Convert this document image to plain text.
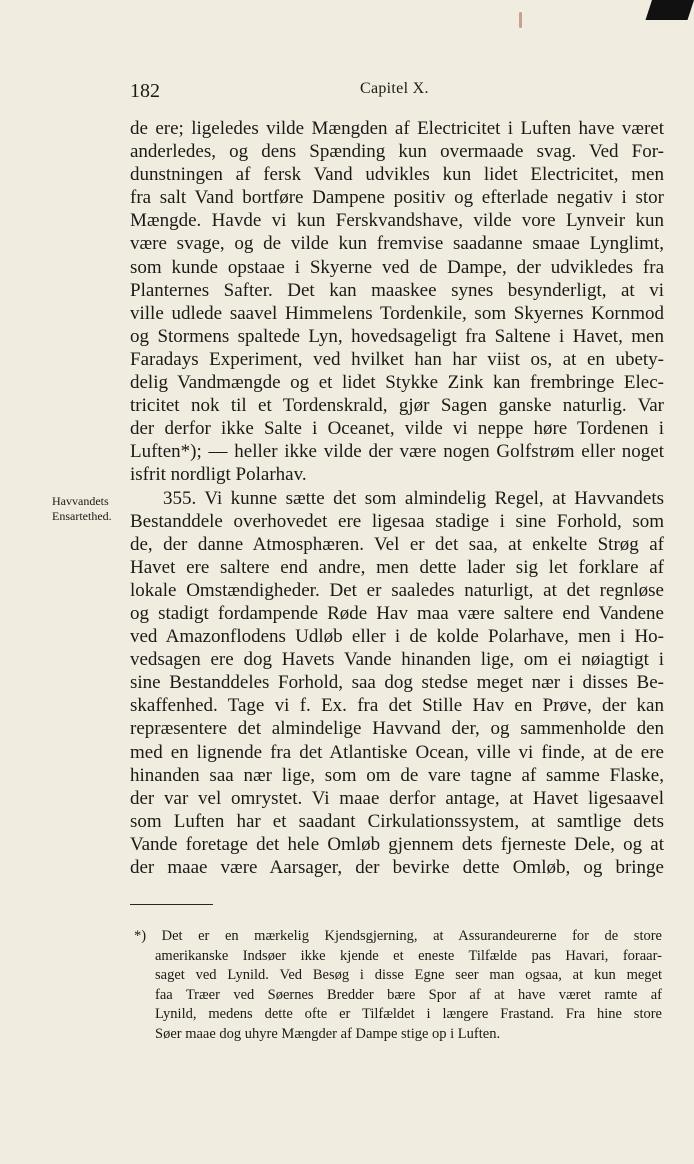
182	Capitel X.
Havvandets
Ensartethed.
de ere; ligeledes vilde Mængden af Electricitet i Luften have været
anderledes, og dens Spænding kun overmaade svag. Ved For-
dunstningen af fersk Vand udvikles kun lidet Electricitet, men
fra salt Vand bortføre Dampene positiv og efterlade negativ i stor
Mængde. Havde vi kun Ferskvandshave, vilde vore Lynveir kun
være svage, og de vilde kun fremvise saadanne smaae Lynglimt,
som kunde opstaae i Skyerne ved de Dampe, der udvikledes fra
Planternes Safter. Det kan maaskee synes besynderligt, at vi
ville udlede saavel Himmelens Tordenkile, som Skyernes Kornmod
og Stormens spaltede Lyn, hovedsageligt fra Saltene i Havet, men
Faradays Experiment, ved hvilket han har viist os, at en ubety-
delig Vandmængde og et lidet Stykke Zink kan frembringe Elec-
tricitet nok til et Tordenskrald, gjør Sagen ganske naturlig. Var
der derfor ikke Salte i Oceanet, vilde vi neppe høre Tordenen i
Luften*); — heller ikke vilde der være nogen Golfstrøm eller noget
isfrit nordligt Polarhav.
355. Vi kunne sætte det som almindelig Regel, at Havvandets
Bestanddele overhovedet ere ligesaa stadige i sine Forhold, som
de, der danne Atmosphæren. Vel er det saa, at enkelte Strøg af
Havet ere saltere end andre, men dette lader sig let forklare af
lokale Omstændigheder. Det er saaledes naturligt, at det regnløse
og stadigt fordampende Røde Hav maa være saltere end Vandene
ved Amazonflodens Udløb eller i de kolde Polarhave, men i Ho-
vedsagen ere dog Havets Vande hinanden lige, om ei nøiagtigt i
sine Bestanddeles Forhold, saa dog stedse meget nær i disses Be-
skaffenhed. Tage vi f. Ex. fra det Stille Hav en Prøve, der kan
repræsentere det almindelige Havvand der, og sammenholde den
med en lignende fra det Atlantiske Ocean, ville vi finde, at de ere
hinanden saa nær lige, som om de vare tagne af samme Flaske,
der var vel omrystet. Vi maae derfor antage, at Havet ligesaavel
som Luften har et saadant Cirkulationssystem, at samtlige dets
Vande foretage det hele Omløb gjennem dets fjerneste Dele, og at
der maae være Aarsager, der bevirke dette Omløb, og bringe
*) Det er en mærkelig Kjendsgjerning, at Assurandeurerne for de store
amerikanske Indsøer ikke kjende et eneste Tilfælde pas Havari, foraar-
saget ved Lynild. Ved Besøg i disse Egne seer man ogsaa, at kun meget
faa Træer ved Søernes Bredder bære Spor af at have været ramte af
Lynild, medens dette ofte er Tilfældet i længere Frastand. Fra hine store
Søer maae dog uhyre Mængder af Dampe stige op i Luften.
